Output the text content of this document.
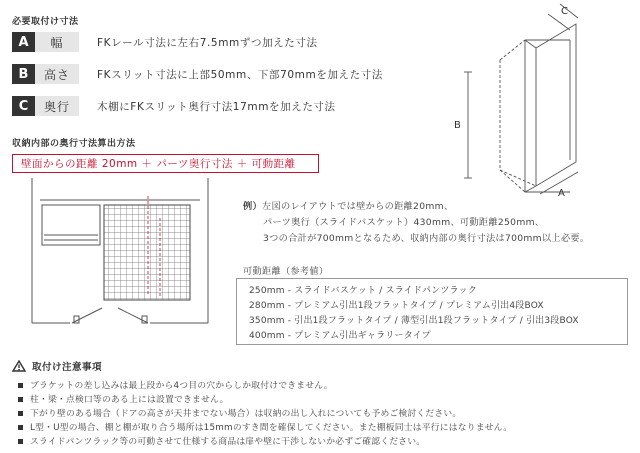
必要取付け寸法
A	幅	FKレール寸法に左右7.5mmずつ加えた寸法
B	高さ	FKスリット寸法に上部50mm、下部70mmを加えた寸法
C	奥行	木棚にFKスリット奥行寸法17mmを加えた寸法
C
B
A
収納内部の奥行寸法算出方法
壁面からの距離 20mm ＋ パーツ奥行寸法 ＋ 可動距離
例）左図のレイアウトでは壁からの距離20mm、
パーツ奥行（スライドバスケット）430mm、可動距離250mm、
3つの合計が700mmとなるため、収納内部の奥行寸法は700mm以上必要。
可動距離（参考値）
250mm - スライドバスケット / スライドパンツラック
280mm - プレミアム引出1段フラットタイプ / プレミアム引出4段BOX
350mm - 引出1段フラットタイプ / 薄型引出1段フラットタイプ / 引出3段BOX
400mm - プレミアム引出ギャラリータイプ
取付け注意事項
ブラケットの差し込みは最上段から4つ目の穴からしか取付けできません。
柱・梁・点検口等のある上には設置できません。
下がり壁のある場合（ドアの高さが天井までない場合）は収納の出し入れについても予めご検討ください。
L型・U型の場合、棚と棚が取り合う場所は15mmのすき間を確保してください。また棚板同士は平行にはなりません。
スライドパンツラック等の可動させて仕様する商品は扉や壁に干渉しないか必ずご確認ください。
